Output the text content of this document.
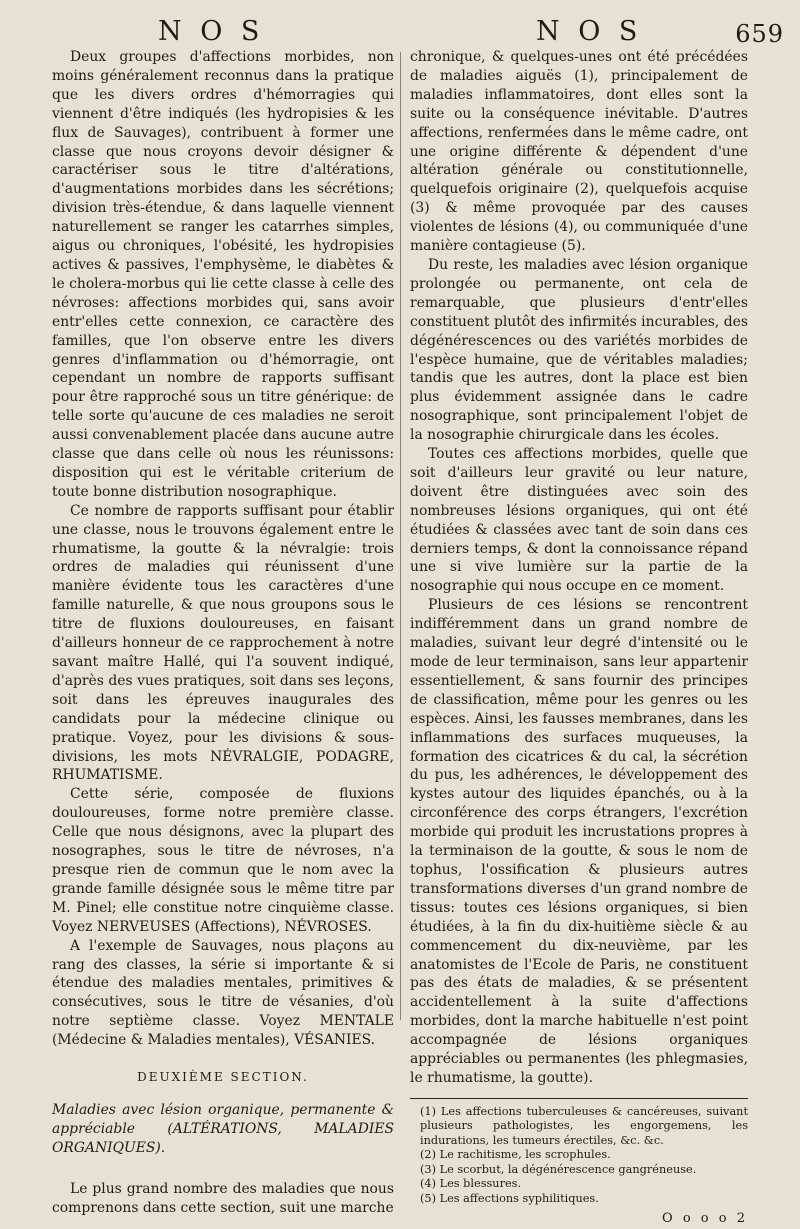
N O S	N O S	659

Deux groupes d'affections morbides, non moins généralement reconnus dans la pratique que les divers ordres d'hémorragies qui viennent d'être indiqués (les hydropisies & les flux de Sauvages), contribuent à former une classe que nous croyons devoir désigner & caractériser sous le titre d'altérations, d'augmentations morbides dans les sécrétions; division très-étendue, & dans laquelle viennent naturellement se ranger les catarrhes simples, aigus ou chroniques, l'obésité, les hydropisies actives & passives, l'emphysème, le diabètes & le cholera-morbus qui lie cette classe à celle des névroses: affections morbides qui, sans avoir entr'elles cette connexion, ce caractère des familles, que l'on observe entre les divers genres d'inflammation ou d'hémorragie, ont cependant un nombre de rapports suffisant pour être rapproché sous un titre générique: de telle sorte qu'aucune de ces maladies ne seroit aussi convenablement placée dans aucune autre classe que dans celle où nous les réunissons: disposition qui est le véritable criterium de toute bonne distribution nosographique.

Ce nombre de rapports suffisant pour établir une classe, nous le trouvons également entre le rhumatisme, la goutte & la névralgie: trois ordres de maladies qui réunissent d'une manière évidente tous les caractères d'une famille naturelle, & que nous groupons sous le titre de fluxions douloureuses, en faisant d'ailleurs honneur de ce rapprochement à notre savant maître Hallé, qui l'a souvent indiqué, d'après des vues pratiques, soit dans ses leçons, soit dans les épreuves inaugurales des candidats pour la médecine clinique ou pratique. Voyez, pour les divisions & sous-divisions, les mots NÉVRALGIE, PODAGRE, RHUMATISME.

Cette série, composée de fluxions douloureuses, forme notre première classe. Celle que nous désignons, avec la plupart des nosographes, sous le titre de névroses, n'a presque rien de commun que le nom avec la grande famille désignée sous le même titre par M. Pinel; elle constitue notre cinquième classe. Voyez NERVEUSES (Affections), NÉVROSES.

A l'exemple de Sauvages, nous plaçons au rang des classes, la série si importante & si étendue des maladies mentales, primitives & consécutives, sous le titre de vésanies, d'où notre septième classe. Voyez MENTALE (Médecine & Maladies mentales), VÉSANIES.

DEUXIÈME SECTION.

Maladies avec lésion organique, permanente & appréciable (ALTÉRATIONS, MALADIES ORGANIQUES).

Le plus grand nombre des maladies que nous comprenons dans cette section, suit une marche

chronique, & quelques-unes ont été précédées de maladies aiguës (1), principalement de maladies inflammatoires, dont elles sont la suite ou la conséquence inévitable. D'autres affections, renfermées dans le même cadre, ont une origine différente & dépendent d'une altération générale ou constitutionnelle, quelquefois originaire (2), quelquefois acquise (3) & même provoquée par des causes violentes de lésions (4), ou communiquée d'une manière contagieuse (5).

Du reste, les maladies avec lésion organique prolongée ou permanente, ont cela de remarquable, que plusieurs d'entr'elles constituent plutôt des infirmités incurables, des dégénérescences ou des variétés morbides de l'espèce humaine, que de véritables maladies; tandis que les autres, dont la place est bien plus évidemment assignée dans le cadre nosographique, sont principalement l'objet de la nosographie chirurgicale dans les écoles.

Toutes ces affections morbides, quelle que soit d'ailleurs leur gravité ou leur nature, doivent être distinguées avec soin des nombreuses lésions organiques, qui ont été étudiées & classées avec tant de soin dans ces derniers temps, & dont la connoissance répand une si vive lumière sur la partie de la nosographie qui nous occupe en ce moment.

Plusieurs de ces lésions se rencontrent indifféremment dans un grand nombre de maladies, suivant leur degré d'intensité ou le mode de leur terminaison, sans leur appartenir essentiellement, & sans fournir des principes de classification, même pour les genres ou les espèces. Ainsi, les fausses membranes, dans les inflammations des surfaces muqueuses, la formation des cicatrices & du cal, la sécrétion du pus, les adhérences, le développement des kystes autour des liquides épanchés, ou à la circonférence des corps étrangers, l'excrétion morbide qui produit les incrustations propres à la terminaison de la goutte, & sous le nom de tophus, l'ossification & plusieurs autres transformations diverses d'un grand nombre de tissus: toutes ces lésions organiques, si bien étudiées, à la fin du dix-huitième siècle & au commencement du dix-neuvième, par les anatomistes de l'Ecole de Paris, ne constituent pas des états de maladies, & se présentent accidentellement à la suite d'affections morbides, dont la marche habituelle n'est point accompagnée de lésions organiques appréciables ou permanentes (les phlegmasies, le rhumatisme, la goutte).

(1) Les affections tuberculeuses & cancéreuses, suivant plusieurs pathologistes, les engorgemens, les indurations, les tumeurs érectiles, &c. &c.

(2) Le rachitisme, les scrophules.

(3) Le scorbut, la dégénérescence gangréneuse.

(4) Les blessures.

(5) Les affections syphilitiques.

O o o o 2
